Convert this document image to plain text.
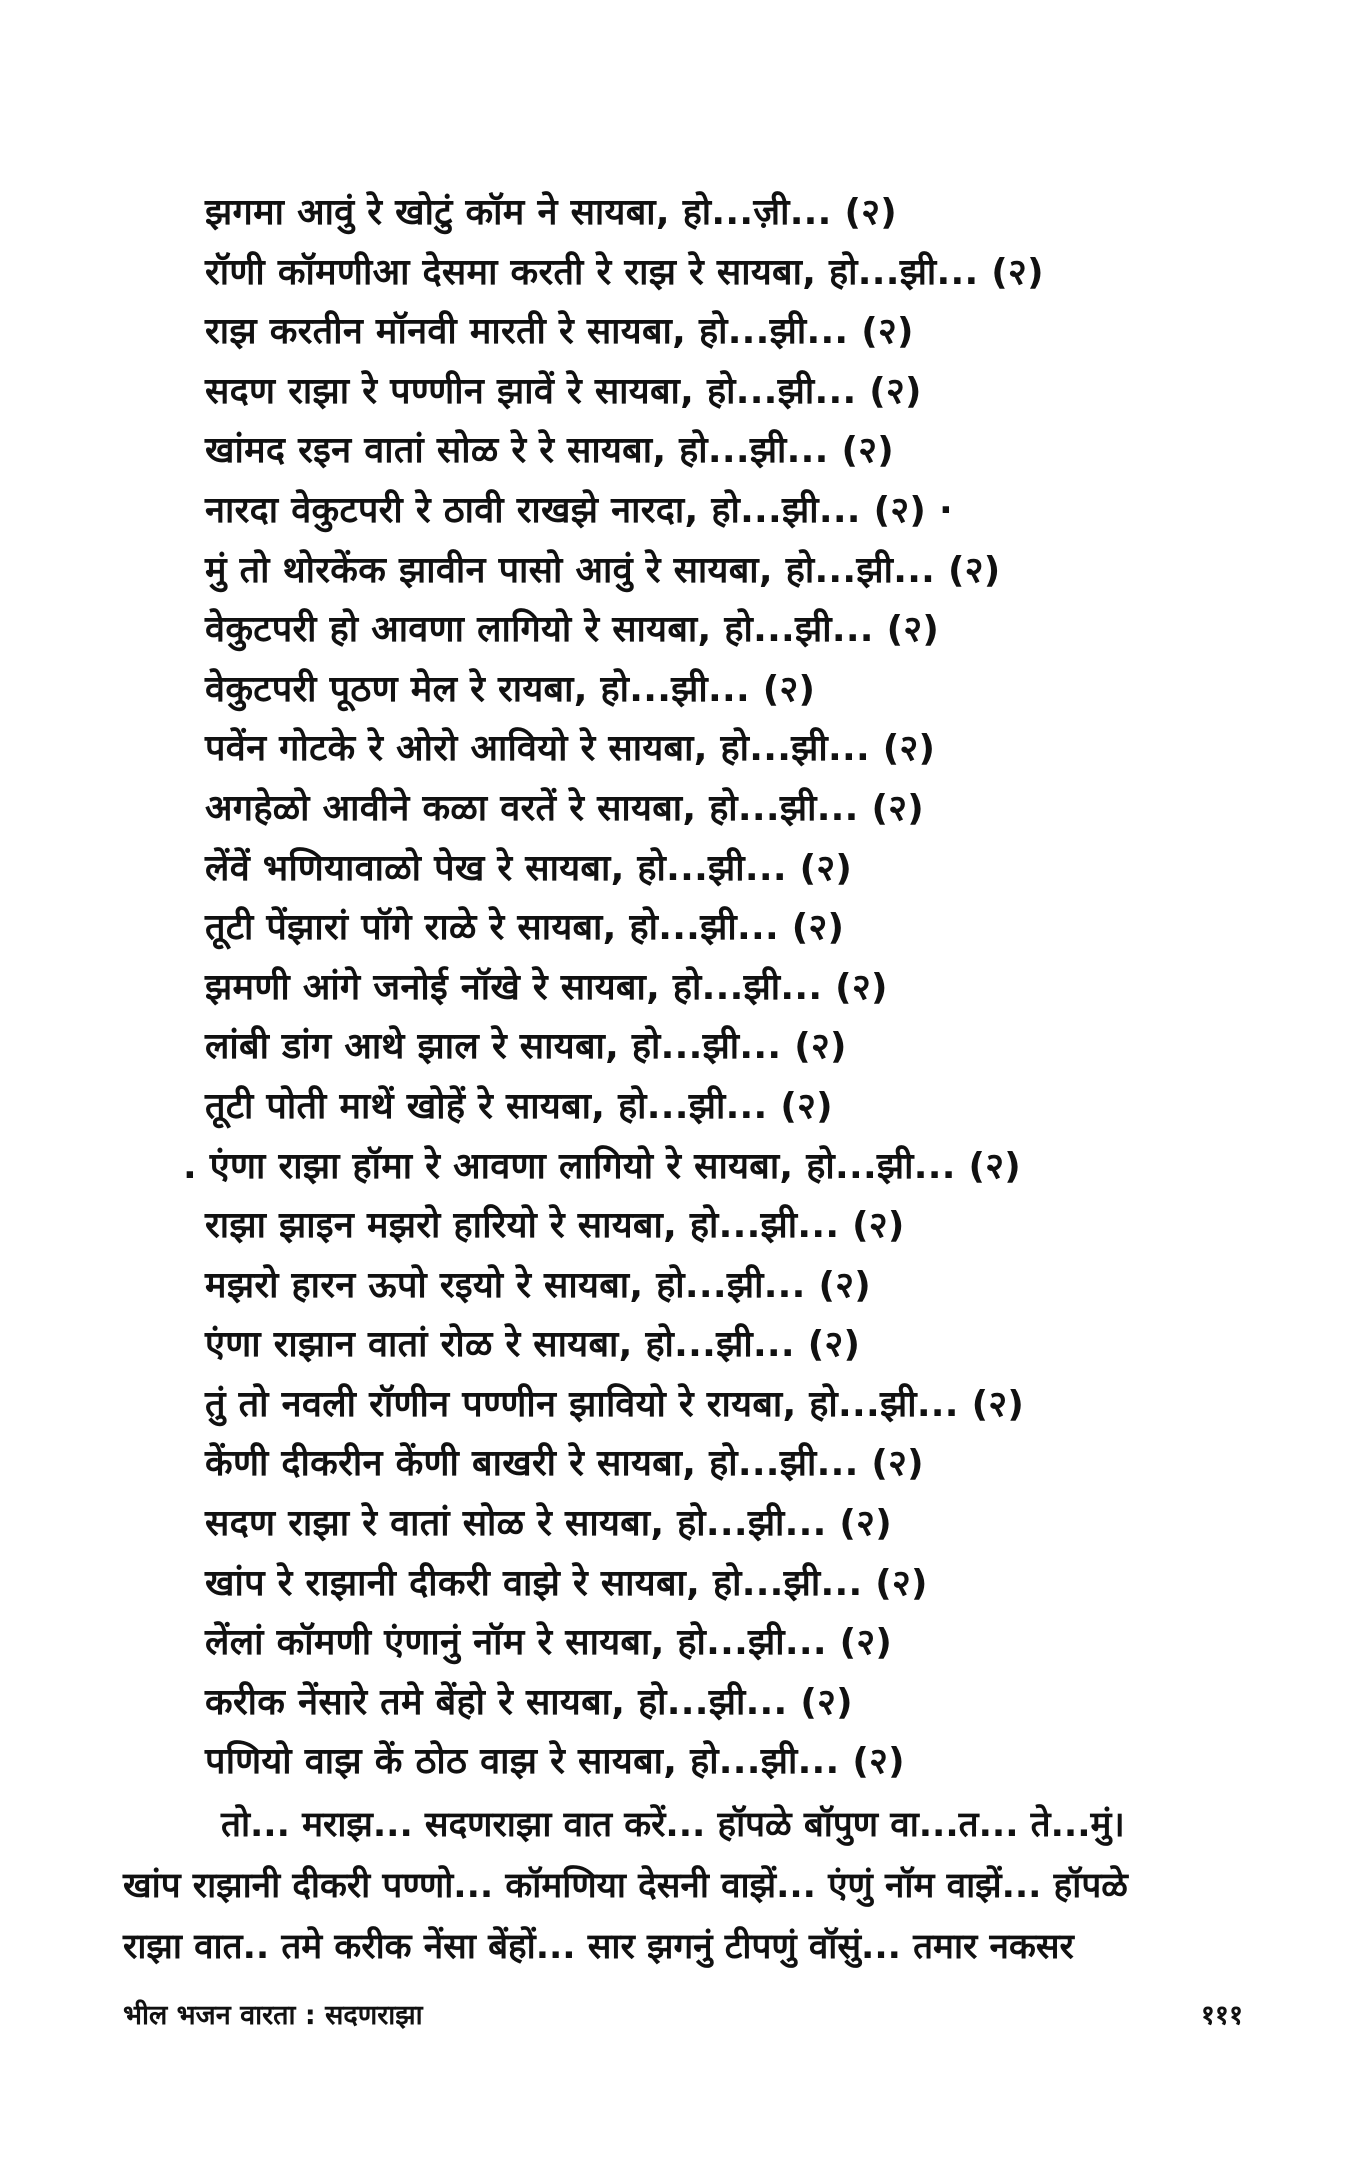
झगमा आवुं रे खोटुं कॉम ने सायबा, हो...ज़ी... (२)
रॉणी कॉमणीआ देसमा करती रे राझ रे सायबा, हो...झी... (२)
राझ करतीन मॉनवी मारती रे सायबा, हो...झी... (२)
सदण राझा रे पण्णीन झावें रे सायबा, हो...झी... (२)
खांमद रइन वातां सोळ रे रे सायबा, हो...झी... (२)
नारदा वेकुटपरी रे ठावी राखझे नारदा, हो...झी... (२) ·
मुं तो थोरकेंक झावीन पासो आवुं रे सायबा, हो...झी... (२)
वेकुटपरी हो आवणा लागियो रे सायबा, हो...झी... (२)
वेकुटपरी पूठण मेल रे रायबा, हो...झी... (२)
पवेंन गोटके रे ओरो आवियो रे सायबा, हो...झी... (२)
अगहेळो आवीने कळा वरतें रे सायबा, हो...झी... (२)
लेंवें भणियावाळो पेख रे सायबा, हो...झी... (२)
तूटी पेंझारां पॉगे राळे रे सायबा, हो...झी... (२)
झमणी आंगे जनोई नॉखे रे सायबा, हो...झी... (२)
लांबी डांग आथे झाल रे सायबा, हो...झी... (२)
तूटी पोती माथें खोहें रे सायबा, हो...झी... (२)
. एंणा राझा हॉमा रे आवणा लागियो रे सायबा, हो...झी... (२)
राझा झाइन मझरो हारियो रे सायबा, हो...झी... (२)
मझरो हारन ऊपो रइयो रे सायबा, हो...झी... (२)
एंणा राझान वातां रोळ रे सायबा, हो...झी... (२)
तुं तो नवली रॉणीन पण्णीन झावियो रे रायबा, हो...झी... (२)
केंणी दीकरीन केंणी बाखरी रे सायबा, हो...झी... (२)
सदण राझा रे वातां सोळ रे सायबा, हो...झी... (२)
खांप रे राझानी दीकरी वाझे रे सायबा, हो...झी... (२)
लेंलां कॉमणी एंणानुं नॉम रे सायबा, हो...झी... (२)
करीक नेंसारे तमे बेंहो रे सायबा, हो...झी... (२)
पणियो वाझ कें ठोठ वाझ रे सायबा, हो...झी... (२)
तो... मराझ... सदणराझा वात करें... हॉपळे बॉपुण वा...त... ते...मुं।
खांप राझानी दीकरी पण्णो... कॉमणिया देसनी वाझें... एंणुं नॉम वाझें... हॉपळे
राझा वात.. तमे करीक नेंसा बेंहों... सार झगनुं टीपणुं वॉसुं... तमार नकसर
भील भजन वारता : सदणराझा	१११
